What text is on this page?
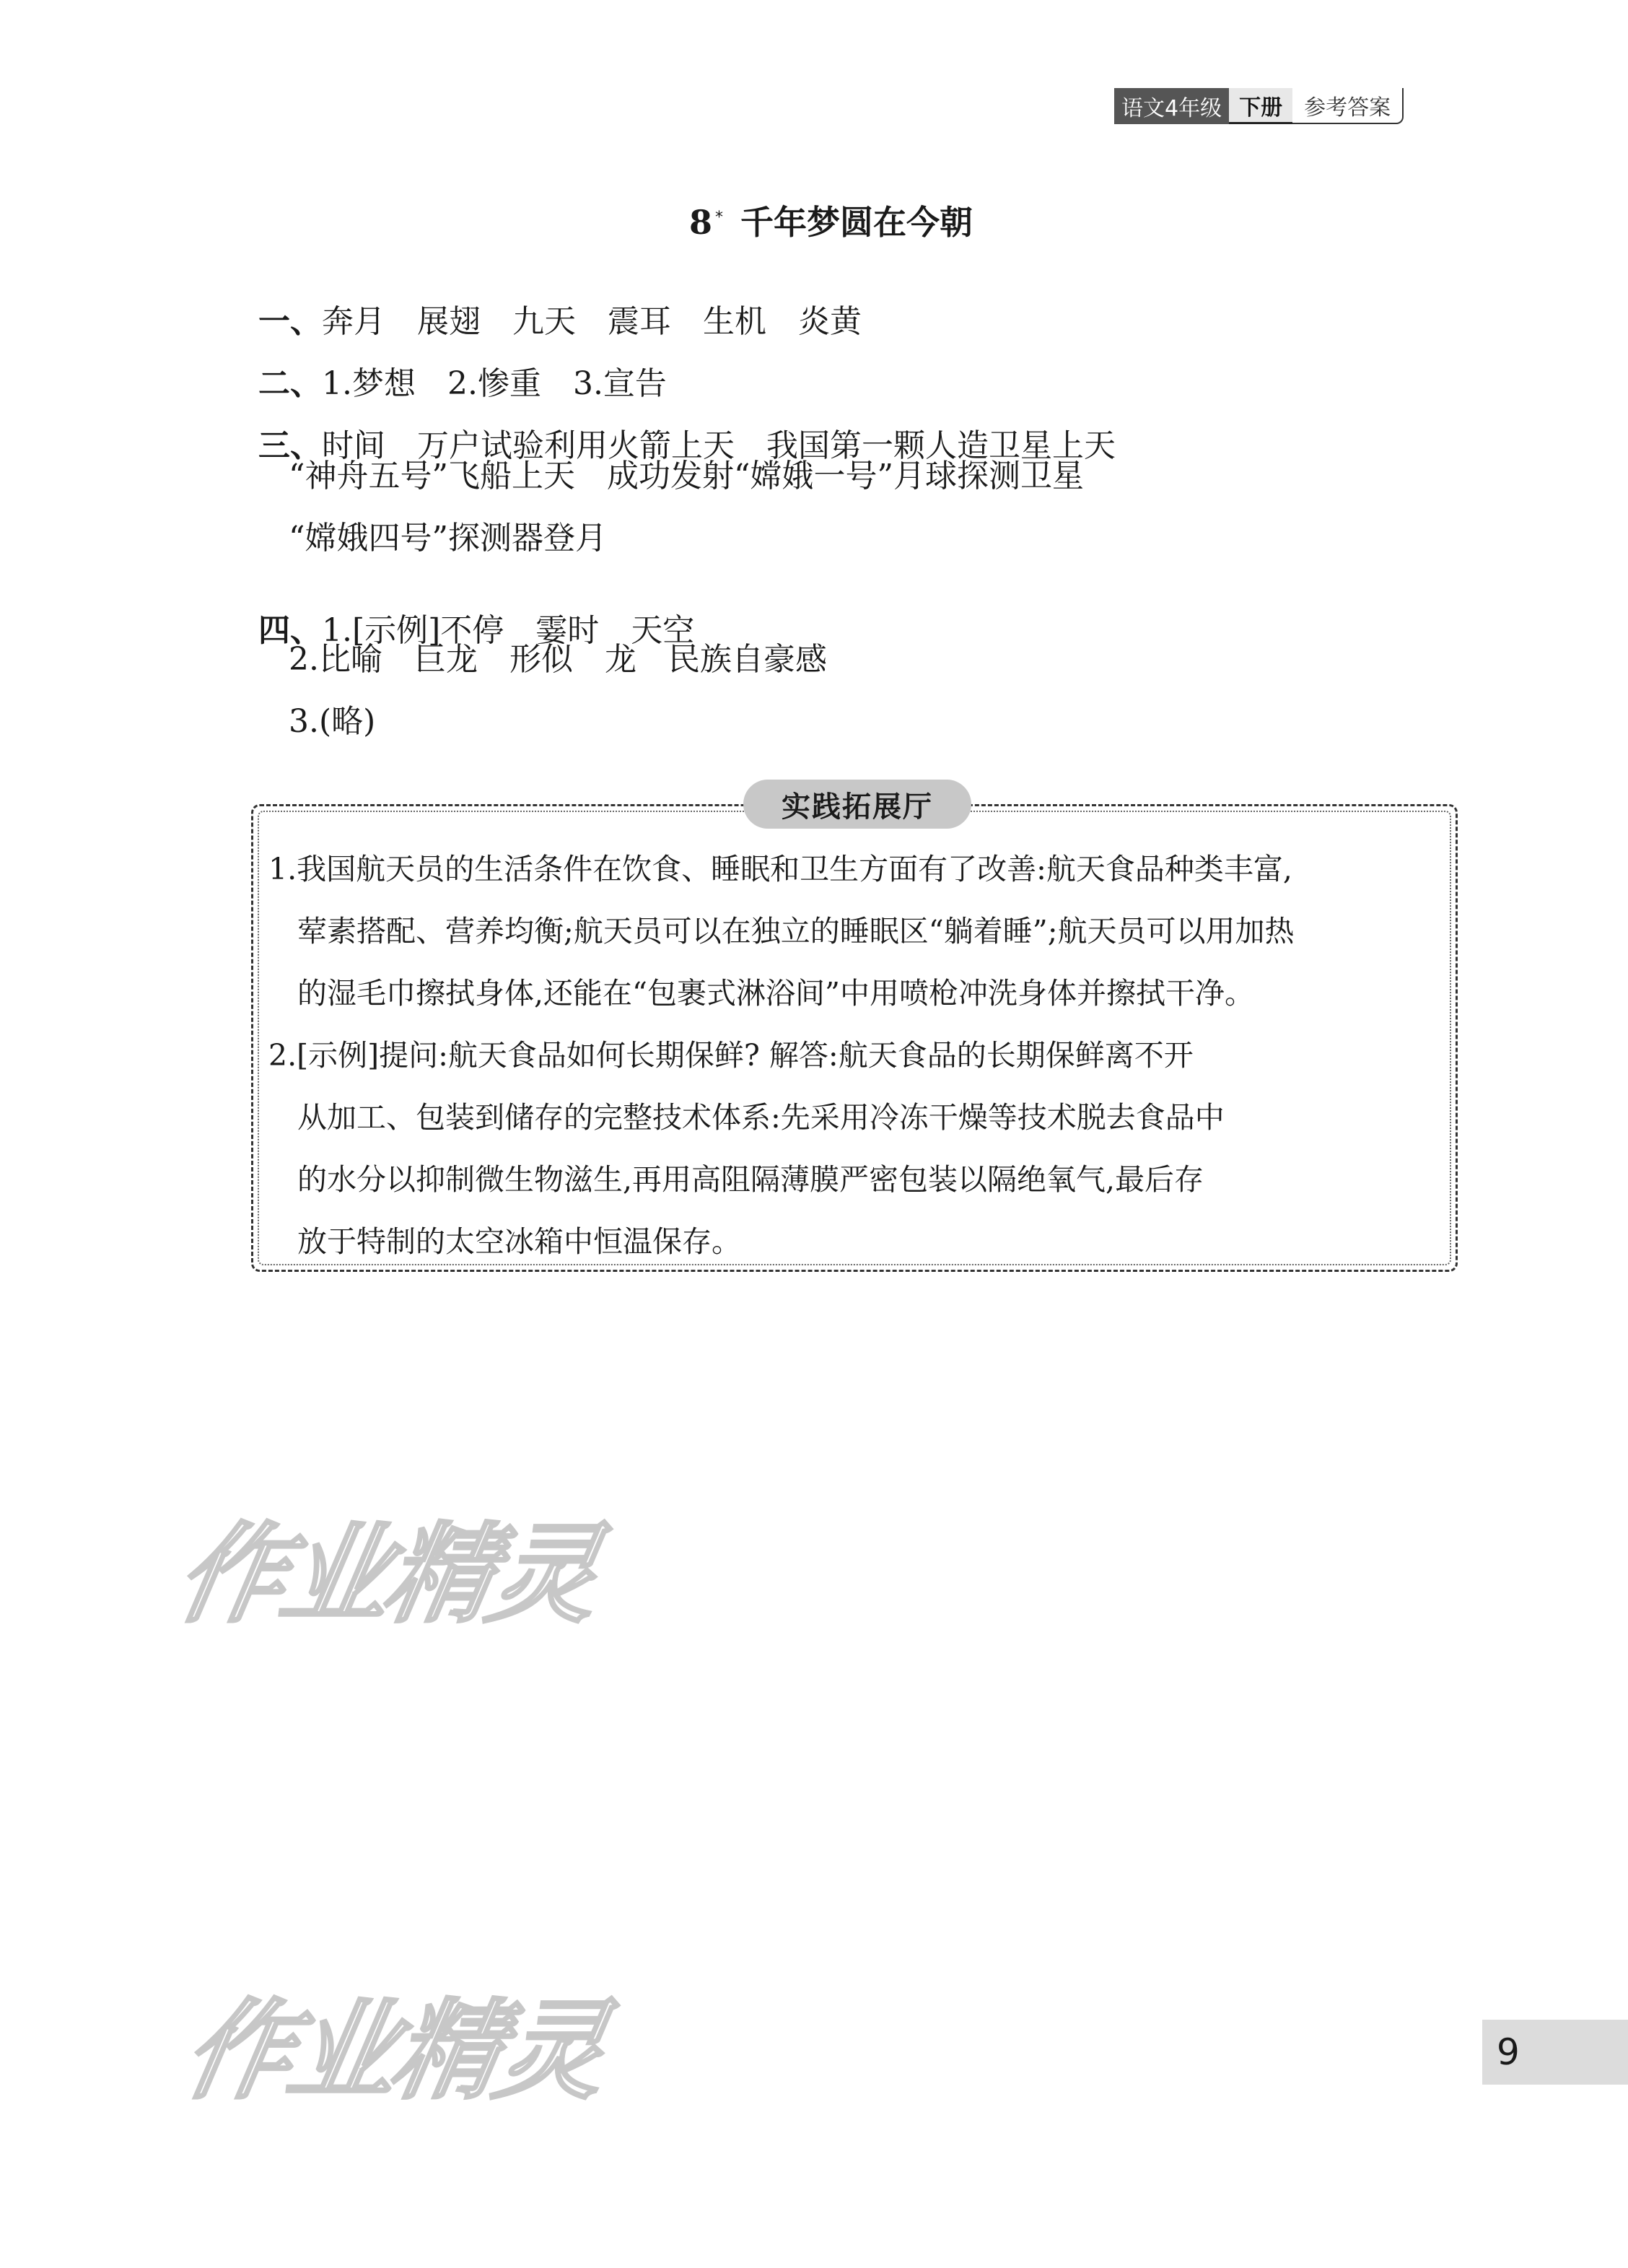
语文4年级 下册	参考答案
8 * 千年梦圆在今朝

一、奔月　展翅　九天　震耳　生机　炎黄

二、1.梦想　2.惨重　3.宣告

三、时间　万户试验利用火箭上天　我国第一颗人造卫星上天

“神舟五号”飞船上天　成功发射“嫦娥一号”月球探测卫星
“嫦娥四号”探测器登月

四、1.[示例]不停　霎时　天空

2.比喻　巨龙　形似　龙　民族自豪感
3.(略)
实践拓展厅
1.我国航天员的生活条件在饮食、睡眠和卫生方面有了改善:航天食品种类丰富,
荤素搭配、营养均衡;航天员可以在独立的睡眠区“躺着睡”;航天员可以用加热
的湿毛巾擦拭身体,还能在“包裹式淋浴间”中用喷枪冲洗身体并擦拭干净。
2.[示例]提问:航天食品如何长期保鲜? 解答:航天食品的长期保鲜离不开
从加工、包装到储存的完整技术体系:先采用冷冻干燥等技术脱去食品中
的水分以抑制微生物滋生,再用高阻隔薄膜严密包装以隔绝氧气,最后存
放于特制的太空冰箱中恒温保存。
作业精灵
作业精灵	9
